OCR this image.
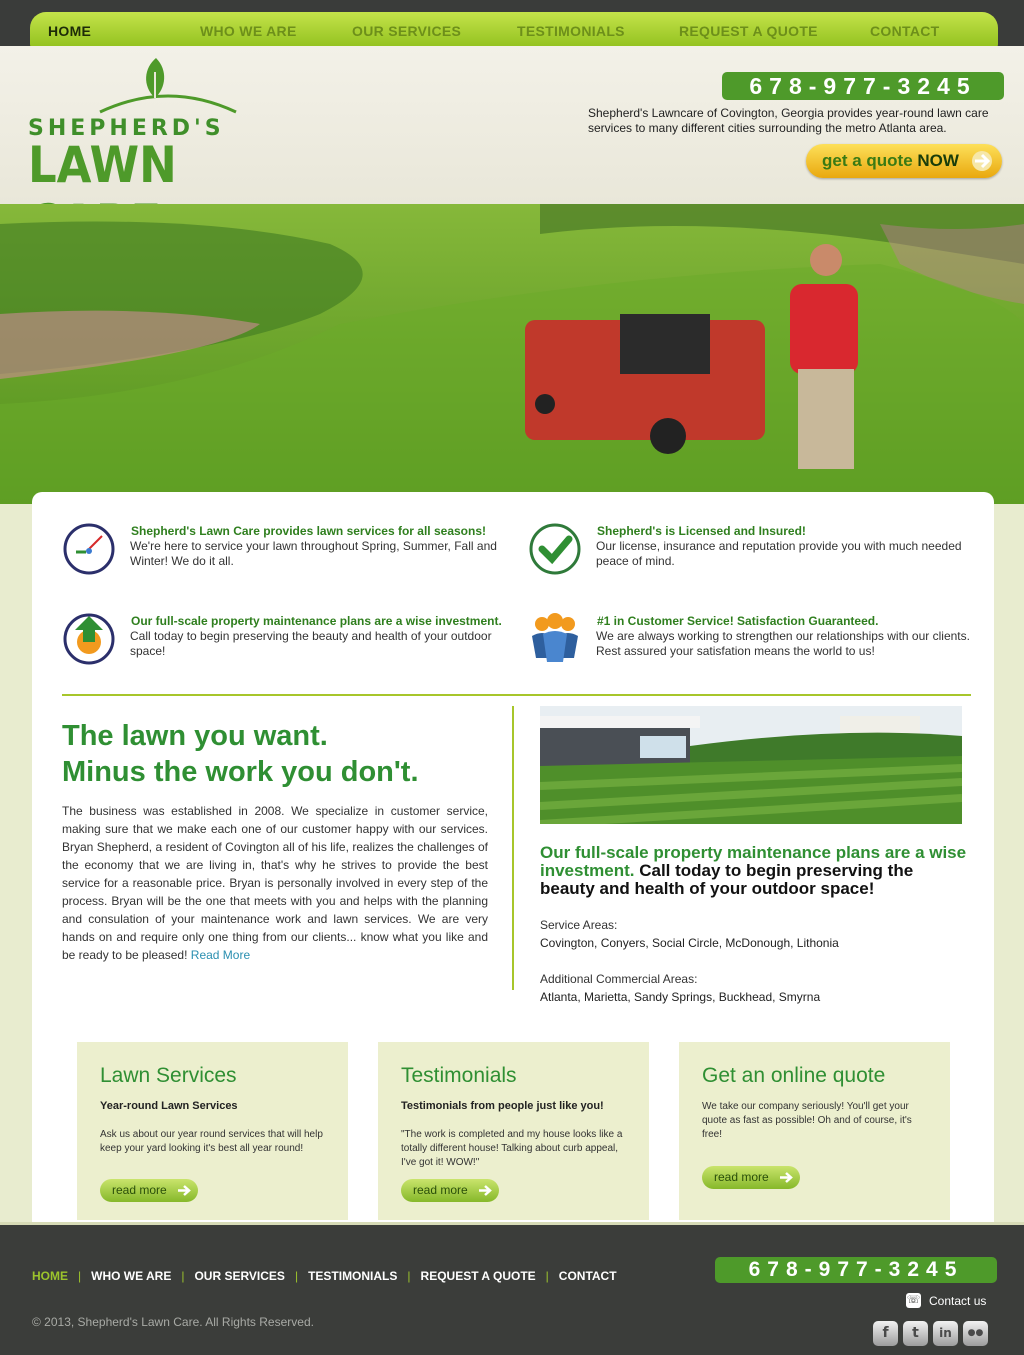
HOME	WHO WE ARE	OUR SERVICES	TESTIMONIALS	REQUEST A QUOTE	CONTACT
SHEPHERD'S
LAWN
678-977-3245
Shepherd's Lawncare of Covington, Georgia provides year-round lawn care services to many different cities surrounding the metro Atlanta area.
get a quote NOW
Shepherd's Lawn Care provides lawn services for all seasons!
We're here to service your lawn throughout Spring, Summer, Fall and Winter! We do it all.
Shepherd's is Licensed and Insured!
Our license, insurance and reputation provide you with much needed peace of mind.
Our full-scale property maintenance plans are a wise investment.
Call today to begin preserving the beauty and health of your outdoor space!
#1 in Customer Service! Satisfaction Guaranteed.
We are always working to strengthen our relationships with our clients. Rest assured your satisfation means the world to us!
The lawn you want.
Minus the work you don't.

The business was established in 2008. We specialize in customer service, making sure that we make each one of our customer happy with our services. Bryan Shepherd, a resident of Covington all of his life, realizes the challenges of the economy that we are living in, that's why he strives to provide the best service for a reasonable price. Bryan is personally involved in every step of the process. Bryan will be the one that meets with you and helps with the planning and consulation of your maintenance work and lawn services. We are very hands on and require only one thing from our clients... know what you like and be ready to be pleased! Read More

Our full-scale property maintenance plans are a wise investment. Call today to begin preserving the beauty and health of your outdoor space!
Service Areas:
Covington, Conyers, Social Circle, McDonough, Lithonia
Additional Commercial Areas:
Atlanta, Marietta, Sandy Springs, Buckhead, Smyrna
Lawn Services
Year-round Lawn Services
Ask us about our year round services that will help keep your yard looking it's best all year round!
read more
Testimonials
Testimonials from people just like you!
"The work is completed and my house looks like a totally different house! Talking about curb appeal, I've got it! WOW!"
read more
Get an online quote
We take our company seriously! You'll get your quote as fast as possible! Oh and of course, it's free!
read more
HOME | WHO WE ARE | OUR SERVICES | TESTIMONIALS | REQUEST A QUOTE | CONTACT
© 2013, Shepherd's Lawn Care. All Rights Reserved.
678-977-3245
☏ Contact us
f	t	in	●●
